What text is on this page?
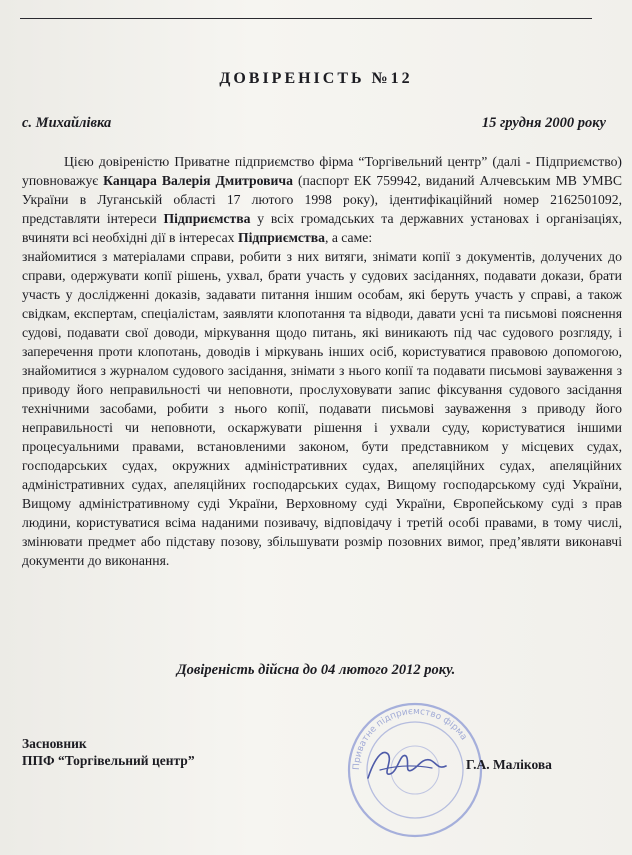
ДОВІРЕНІСТЬ №12
с. Михайлівка	15 грудня 2000 року

Цією довіреністю Приватне підприємство фірма “Торгівельний центр” (далі - Підприємство) уповноважує Канцара Валерія Дмитровича (паспорт ЕК 759942, виданий Алчевським МВ УМВС України в Луганській області 17 лютого 1998 року), ідентифікаційний номер 2162501092, представляти інтереси Підприємства у всіх громадських та державних установах і організаціях, вчиняти всі необхідні дії в інтересах Підприємства, а саме:

знайомитися з матеріалами справи, робити з них витяги, знімати копії з документів, долучених до справи, одержувати копії рішень, ухвал, брати участь у судових засіданнях, подавати докази, брати участь у дослідженні доказів, задавати питання іншим особам, які беруть участь у справі, а також свідкам, експертам, спеціалістам, заявляти клопотання та відводи, давати усні та письмові пояснення судові, подавати свої доводи, міркування щодо питань, які виникають під час судового розгляду, і заперечення проти клопотань, доводів і міркувань інших осіб, користуватися правовою допомогою, знайомитися з журналом судового засідання, знімати з нього копії та подавати письмові зауваження з приводу його неправильності чи неповноти, прослуховувати запис фіксування судового засідання технічними засобами, робити з нього копії, подавати письмові зауваження з приводу його неправильності чи неповноти, оскаржувати рішення і ухвали суду, користуватися іншими процесуальними правами, встановленими законом, бути представником у місцевих судах, господарських судах, окружних адміністративних судах, апеляційних судах, апеляційних адміністративних судах, апеляційних господарських судах, Вищому господарському суді України, Вищому адміністративному суді України, Верховному суді України, Європейському суді з прав людини, користуватися всіма наданими позивачу, відповідачу і третій особі правами, в тому числі, змінювати предмет або підставу позову, збільшувати розмір позовних вимог, пред’являти виконавчі документи до виконання.

Довіреність дійсна до 04 лютого 2012 року.
Засновник
ППФ “Торгівельний центр”	Приватне підприємство фірма
Г.А. Малікова
